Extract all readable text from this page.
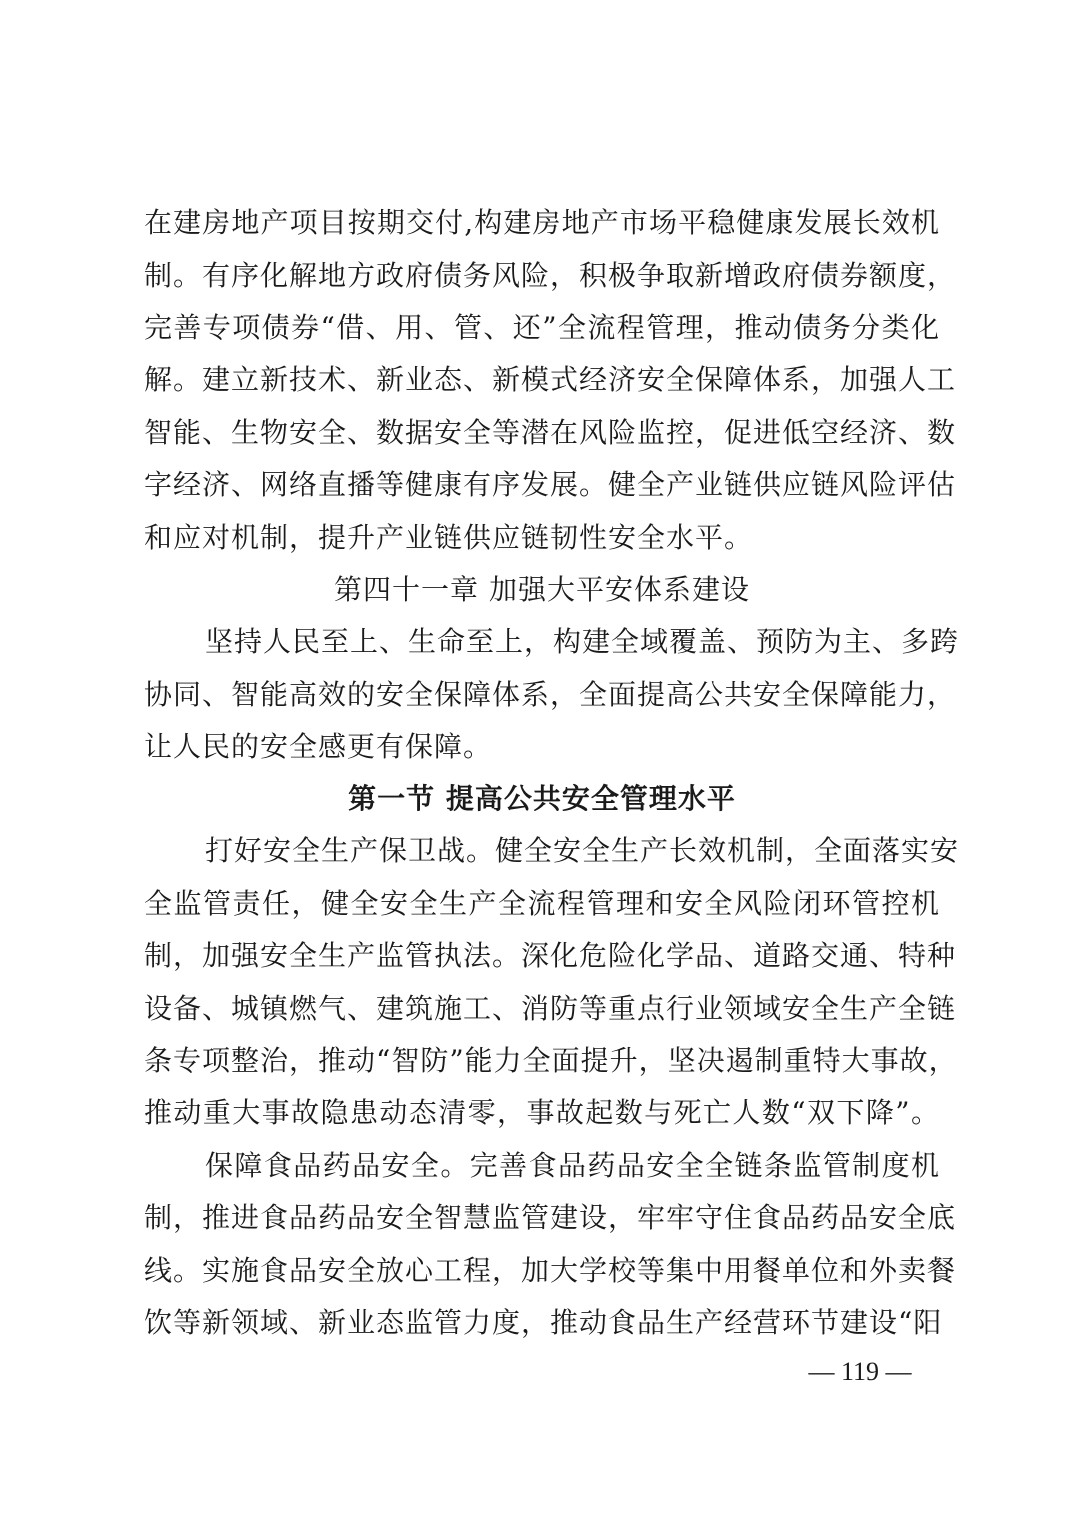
在建房地产项目按期交付,构建房地产市场平稳健康发展长效机
制。有序化解地方政府债务风险，积极争取新增政府债券额度，
完善专项债券“借、用、管、还”全流程管理，推动债务分类化
解。建立新技术、新业态、新模式经济安全保障体系，加强人工
智能、生物安全、数据安全等潜在风险监控，促进低空经济、数
字经济、网络直播等健康有序发展。健全产业链供应链风险评估
和应对机制，提升产业链供应链韧性安全水平。
第四十一章 加强大平安体系建设
坚持人民至上、生命至上，构建全域覆盖、预防为主、多跨
协同、智能高效的安全保障体系，全面提高公共安全保障能力，
让人民的安全感更有保障。
第一节 提高公共安全管理水平
打好安全生产保卫战。健全安全生产长效机制，全面落实安
全监管责任，健全安全生产全流程管理和安全风险闭环管控机
制，加强安全生产监管执法。深化危险化学品、道路交通、特种
设备、城镇燃气、建筑施工、消防等重点行业领域安全生产全链
条专项整治，推动“智防”能力全面提升，坚决遏制重特大事故，
推动重大事故隐患动态清零，事故起数与死亡人数“双下降”。
保障食品药品安全。完善食品药品安全全链条监管制度机
制，推进食品药品安全智慧监管建设，牢牢守住食品药品安全底
线。实施食品安全放心工程，加大学校等集中用餐单位和外卖餐
饮等新领域、新业态监管力度，推动食品生产经营环节建设“阳
— 119 —
